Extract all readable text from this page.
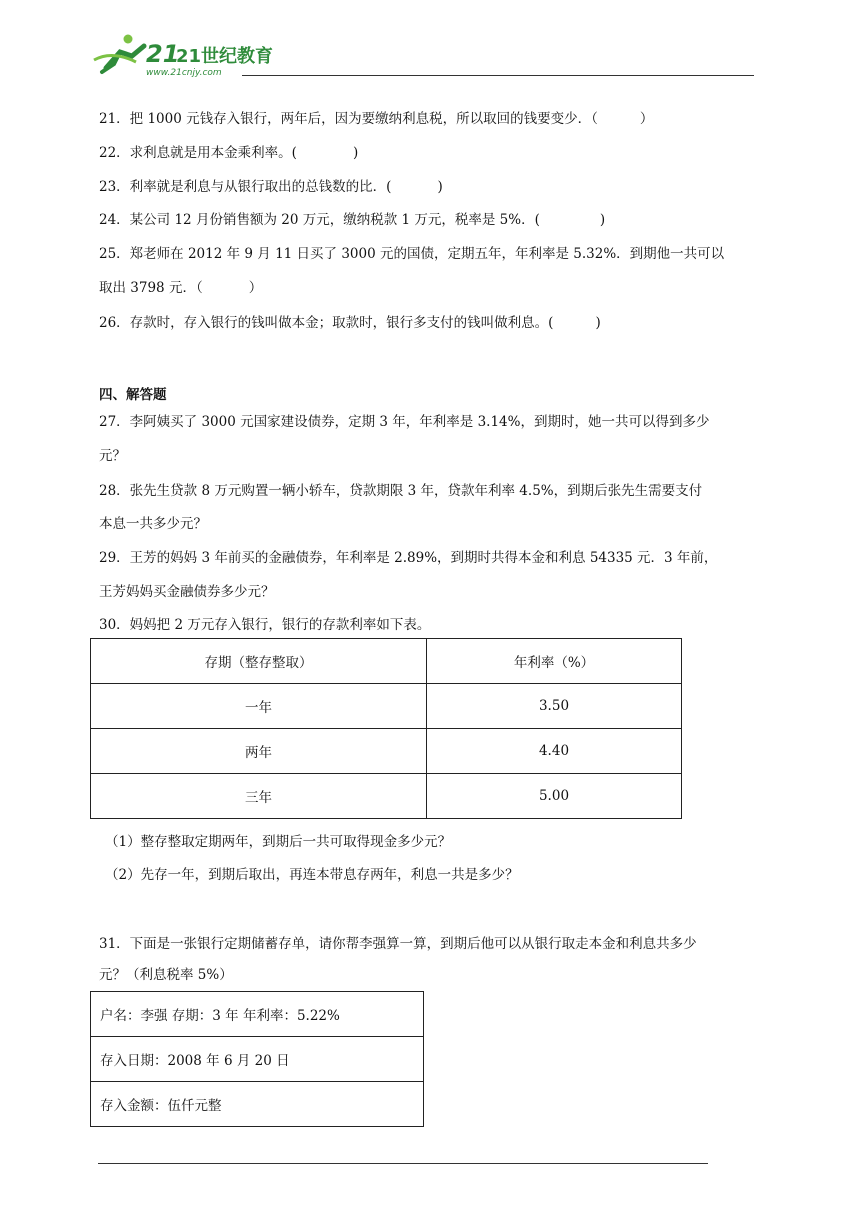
21
21世纪教育
www.21cnjy.com
21．把 1000 元钱存入银行，两年后，因为要缴纳利息税，所以取回的钱要变少．（	）
22．求利息就是用本金乘利率。(	)
23．利率就是利息与从银行取出的总钱数的比．(	)
24．某公司 12 月份销售额为 20 万元，缴纳税款 1 万元，税率是 5%．(	)
25．郑老师在 2012 年 9 月 11 日买了 3000 元的国债，定期五年，年利率是 5.32%．到期他一共可以
取出 3798 元．（	）
26．存款时，存入银行的钱叫做本金；取款时，银行多支付的钱叫做利息。(	)
四、解答题
27．李阿姨买了 3000 元国家建设债券，定期 3 年，年利率是 3.14%，到期时，她一共可以得到多少
元？
28．张先生贷款 8 万元购置一辆小轿车，贷款期限 3 年，贷款年利率 4.5%，到期后张先生需要支付
本息一共多少元？
29．王芳的妈妈 3 年前买的金融债券，年利率是 2.89%，到期时共得本金和利息 54335 元．3 年前，
王芳妈妈买金融债券多少元？
30．妈妈把 2 万元存入银行，银行的存款利率如下表。
存期（整存整取）	年利率（%）
一年	3.50
两年	4.40
三年	5.00
（1）整存整取定期两年，到期后一共可取得现金多少元？
（2）先存一年，到期后取出，再连本带息存两年，利息一共是多少？
31．下面是一张银行定期储蓄存单，请你帮李强算一算，到期后他可以从银行取走本金和利息共多少
元？（利息税率 5%）
户名：李强 存期：3 年 年利率：5.22%
存入日期：2008 年 6 月 20 日
存入金额：伍仟元整
